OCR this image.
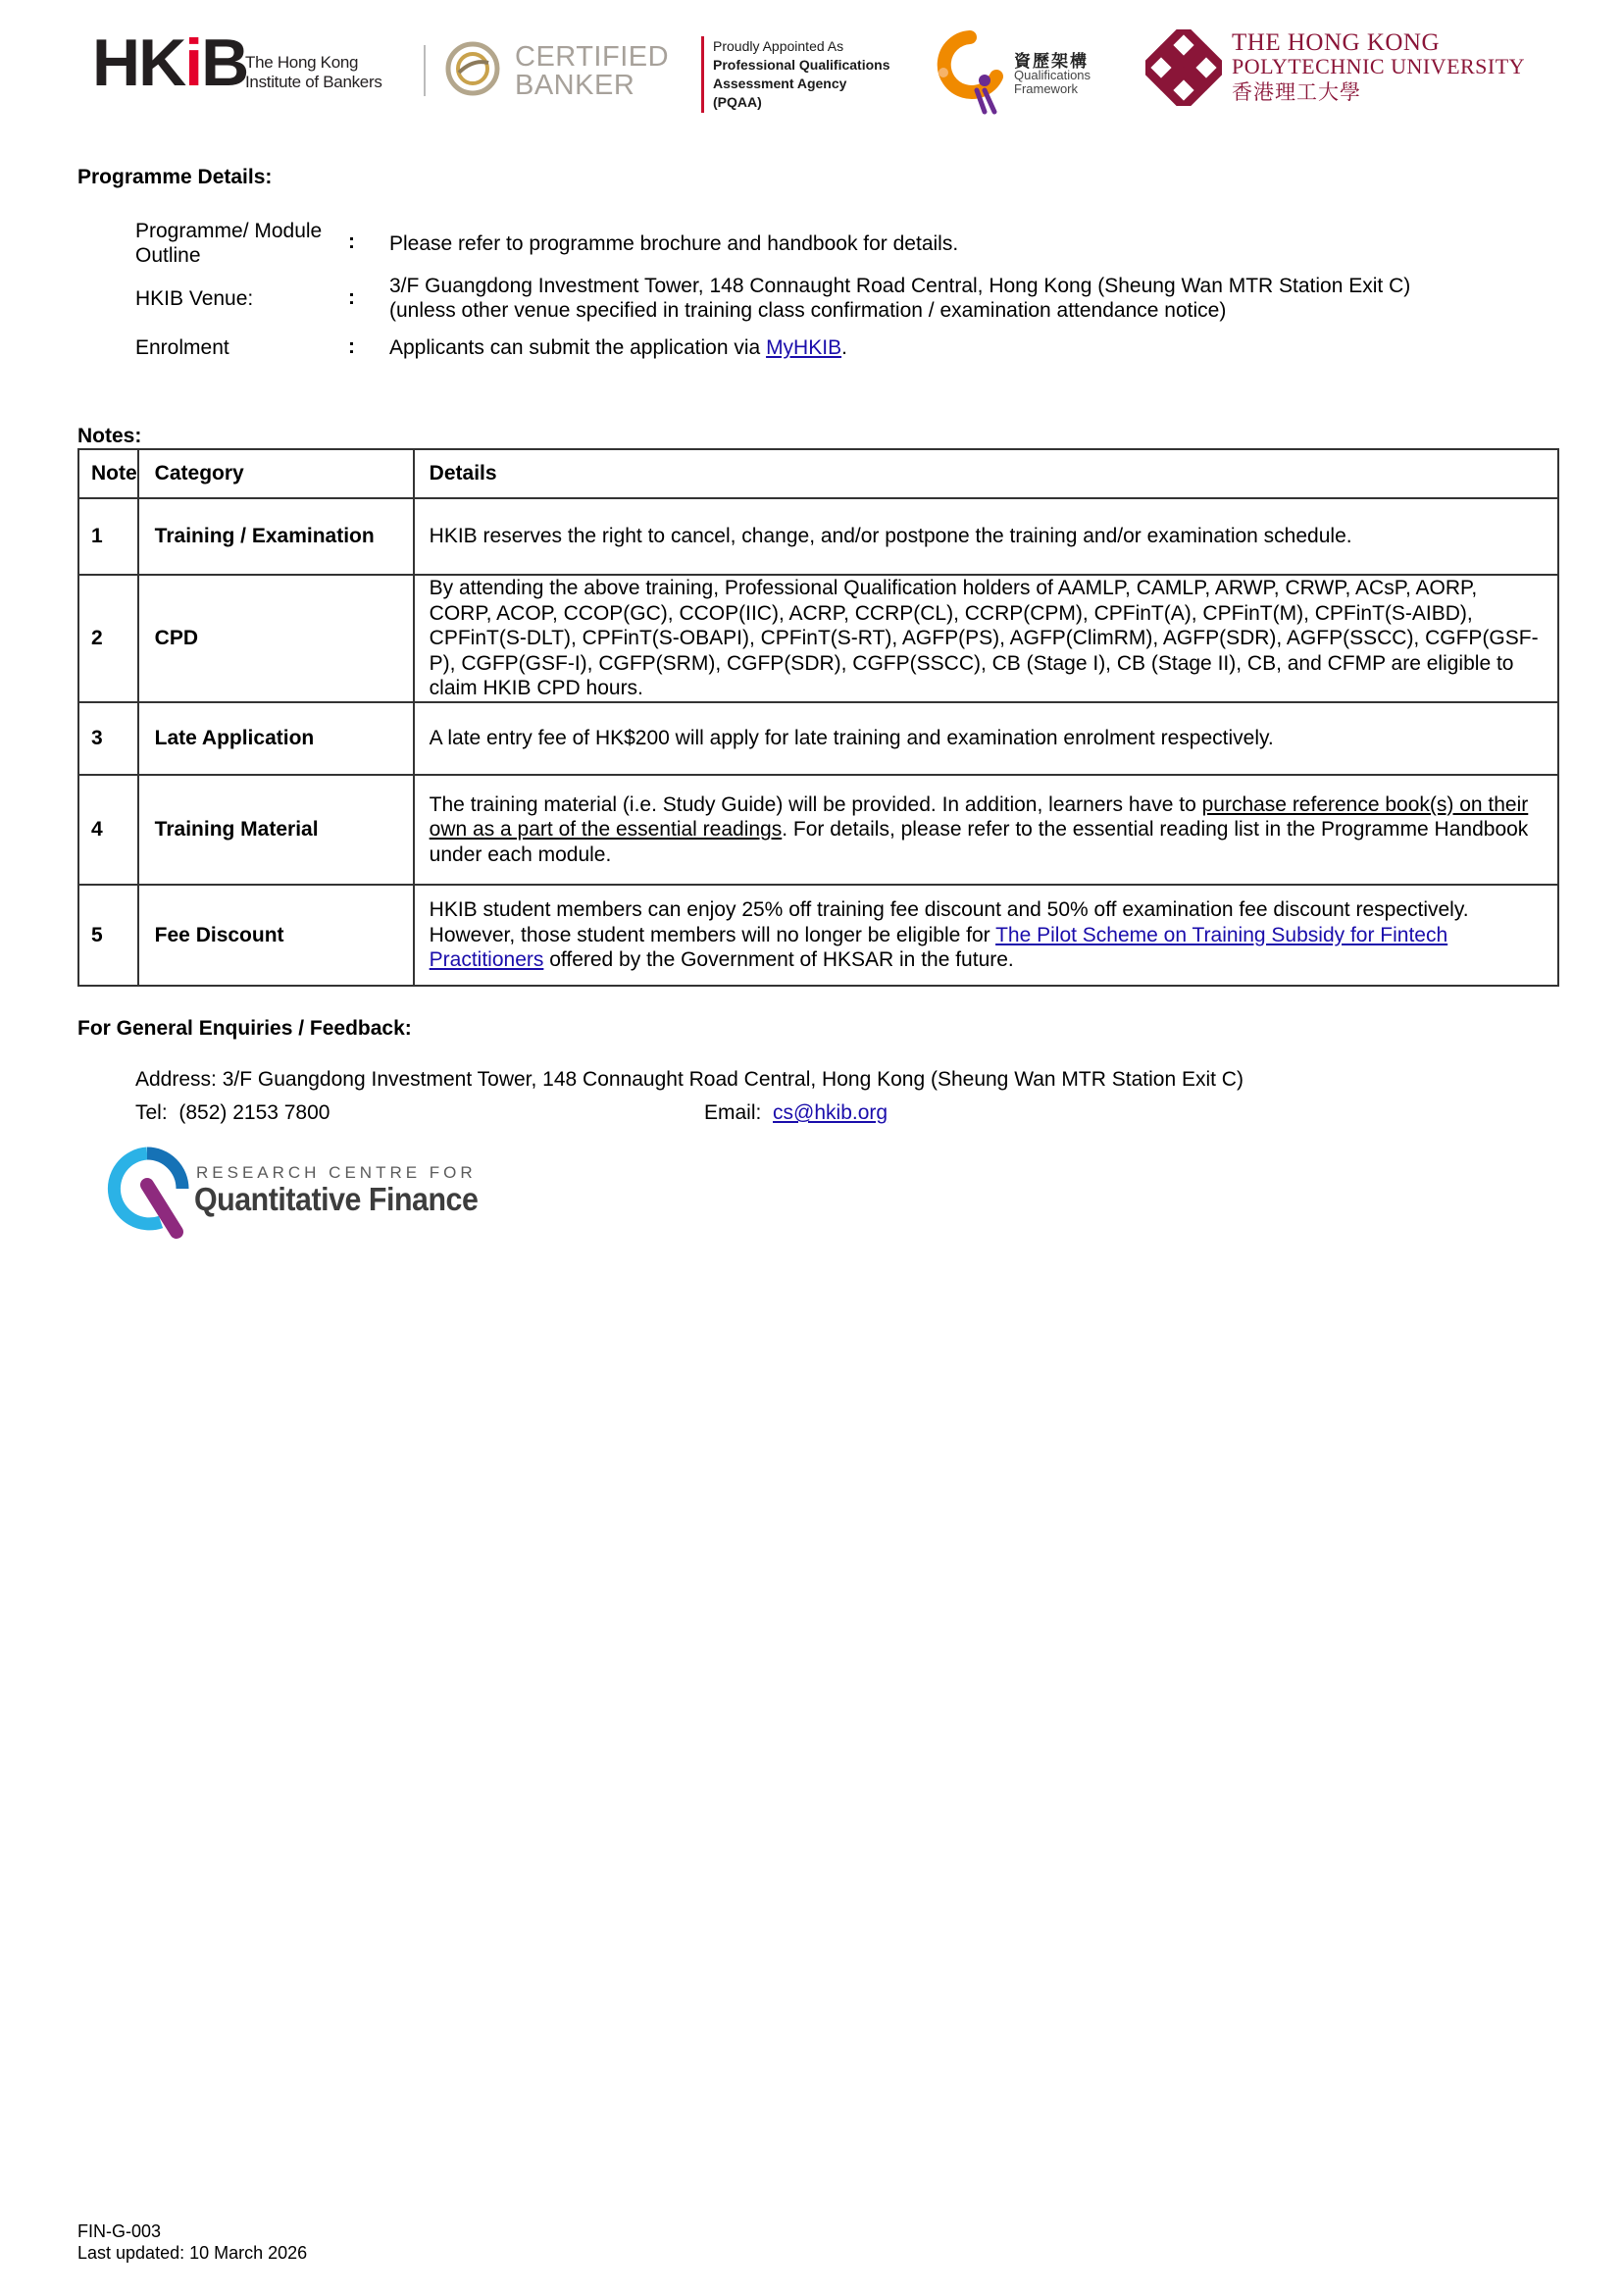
HKiB
The Hong Kong
Institute of Bankers
CERTIFIED
BANKER
Proudly Appointed As
Professional Qualifications
Assessment Agency
(PQAA)
資歷架構
Qualifications
Framework
THE HONG KONG
POLYTECHNIC UNIVERSITY
香港理工大學
Programme Details:
Programme/ Module
Outline
: Please refer to programme brochure and handbook for details.
HKIB Venue:	:
3/F Guangdong Investment Tower, 148 Connaught Road Central, Hong Kong (Sheung Wan MTR Station Exit C)
(unless other venue specified in training class confirmation / examination attendance notice)
Enrolment	: Applicants can submit the application via MyHKIB.
Notes:
Note	Category	Details
1	Training / Examination	HKIB reserves the right to cancel, change, and/or postpone the training and/or examination schedule.
2	CPD	By attending the above training, Professional Qualification holders of AAMLP, CAMLP, ARWP, CRWP, ACsP, AORP, CORP, ACOP, CCOP(GC), CCOP(IIC), ACRP, CCRP(CL), CCRP(CPM), CPFinT(A), CPFinT(M), CPFinT(S-AIBD), CPFinT(S-DLT), CPFinT(S-OBAPI), CPFinT(S-RT), AGFP(PS), AGFP(ClimRM), AGFP(SDR), AGFP(SSCC), CGFP(GSF-P), CGFP(GSF-I), CGFP(SRM), CGFP(SDR), CGFP(SSCC), CB (Stage I), CB (Stage II), CB, and CFMP are eligible to claim HKIB CPD hours.
3	Late Application	A late entry fee of HK$200 will apply for late training and examination enrolment respectively.
4	Training Material	The training material (i.e. Study Guide) will be provided. In addition, learners have to purchase reference book(s) on their own as a part of the essential readings. For details, please refer to the essential reading list in the Programme Handbook under each module.
5	Fee Discount	HKIB student members can enjoy 25% off training fee discount and 50% off examination fee discount respectively. However, those student members will no longer be eligible for The Pilot Scheme on Training Subsidy for Fintech Practitioners offered by the Government of HKSAR in the future.
For General Enquiries / Feedback:
Address: 3/F Guangdong Investment Tower, 148 Connaught Road Central, Hong Kong (Sheung Wan MTR Station Exit C)
Tel:  (852) 2153 7800	Email: cs@hkib.org
RESEARCH CENTRE FOR
Quantitative Finance
FIN-G-003
Last updated: 10 March 2026
